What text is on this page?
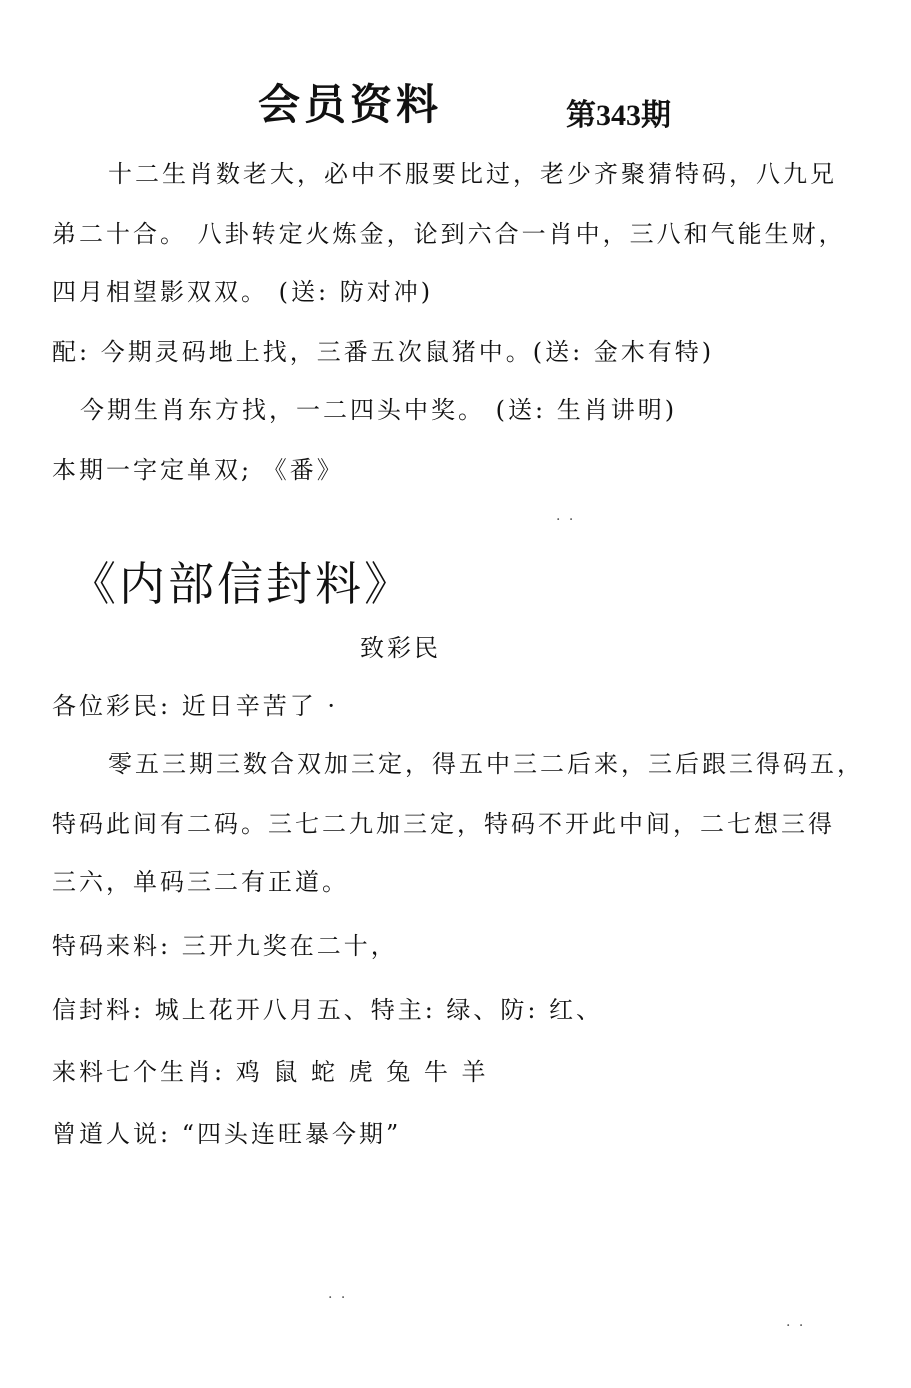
会员资料	第343期
十二生肖数老大，必中不服要比过，老少齐聚猜特码，八九兄
弟二十合。 八卦转定火炼金，论到六合一肖中，三八和气能生财，
四月相望影双双。 (送: 防对冲)
配: 今期灵码地上找，三番五次鼠猪中。(送: 金木有特)
今期生肖东方找，一二四头中奖。 (送: 生肖讲明)
本期一字定单双; 《番》
· ·
《内部信封料》
致彩民
各位彩民: 近日辛苦了 ·
零五三期三数合双加三定，得五中三二后来，三后跟三得码五，
特码此间有二码。三七二九加三定，特码不开此中间，二七想三得
三六，单码三二有正道。
特码来料: 三开九奖在二十，
信封料: 城上花开八月五、特主: 绿、防: 红、
来料七个生肖: 鸡 鼠 蛇 虎 兔 牛 羊
曾道人说: “四头连旺暴今期”
· ·
· ·
